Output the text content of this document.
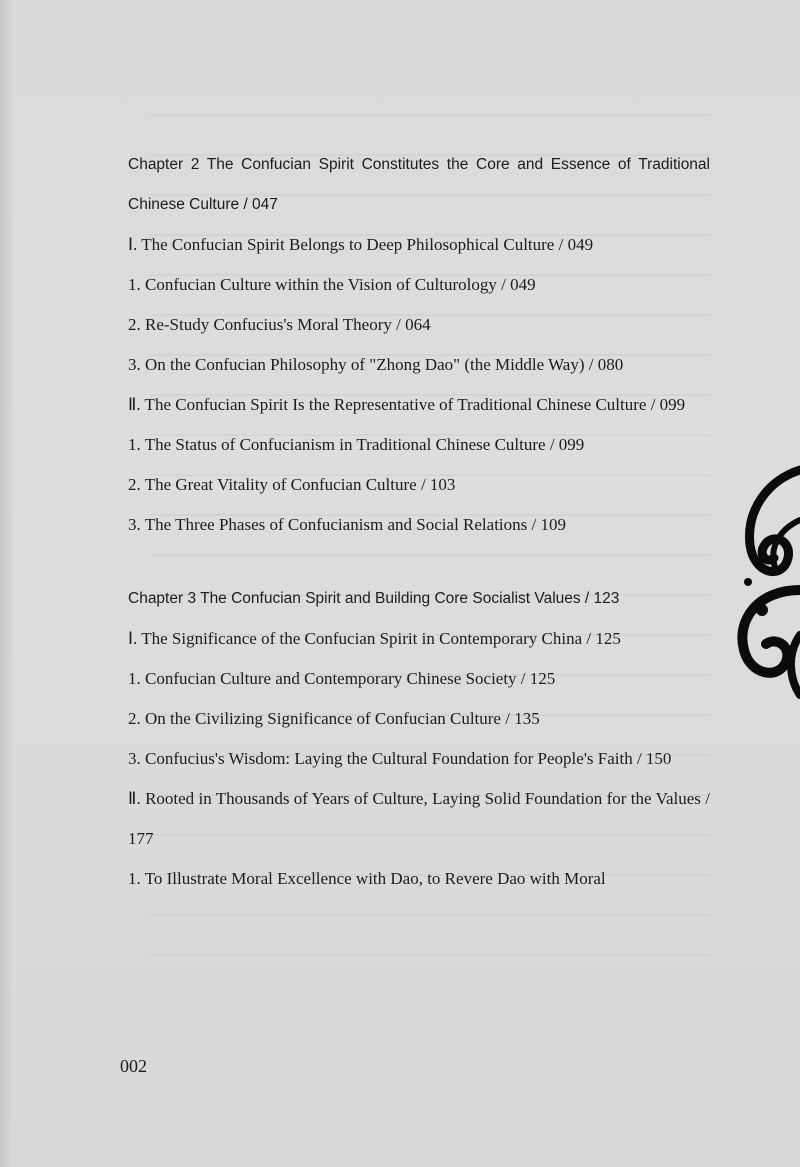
Chapter 2 The Confucian Spirit Constitutes the Core and Essence of Traditional Chinese Culture / 047

Ⅰ. The Confucian Spirit Belongs to Deep Philosophical Culture / 049

1. Confucian Culture within the Vision of Culturology / 049

2. Re-Study Confucius's Moral Theory / 064

3. On the Confucian Philosophy of "Zhong Dao" (the Middle Way) / 080

Ⅱ. The Confucian Spirit Is the Representative of Traditional Chinese Culture / 099

1. The Status of Confucianism in Traditional Chinese Culture / 099

2. The Great Vitality of Confucian Culture / 103

3. The Three Phases of Confucianism and Social Relations / 109

Chapter 3 The Confucian Spirit and Building Core Socialist Values / 123

Ⅰ. The Significance of the Confucian Spirit in Contemporary China / 125

1. Confucian Culture and Contemporary Chinese Society / 125

2. On the Civilizing Significance of Confucian Culture / 135

3. Confucius's Wisdom: Laying the Cultural Foundation for People's Faith / 150

Ⅱ. Rooted in Thousands of Years of Culture, Laying Solid Foundation for the Values / 177

1. To Illustrate Moral Excellence with Dao, to Revere Dao with Moral

002
